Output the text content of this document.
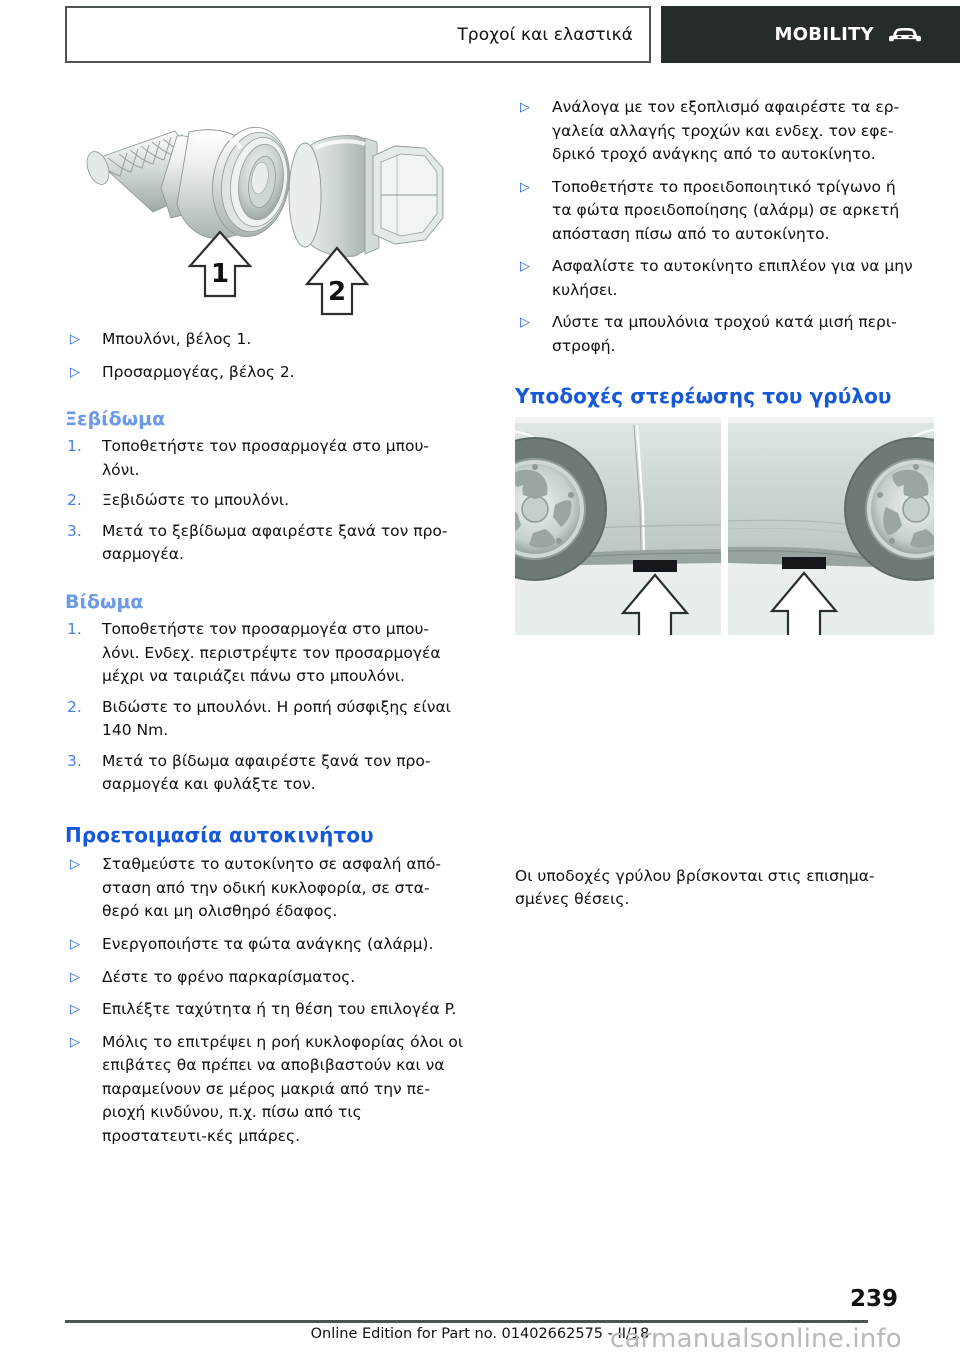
Τροχοί και ελαστικά	MOBILITY
1
2
▷ Μπουλόνι, βέλος 1.
▷ Προσαρμογέας, βέλος 2.
Ξεβίδωμα
1. Τοποθετήστε τον προσαρμογέα στο μπου-λόνι.
2. Ξεβιδώστε το μπουλόνι.
3. Μετά το ξεβίδωμα αφαιρέστε ξανά τον προ-σαρμογέα.
Βίδωμα
1. Τοποθετήστε τον προσαρμογέα στο μπου-λόνι. Ενδεχ. περιστρέψτε τον προσαρμογέα μέχρι να ταιριάζει πάνω στο μπουλόνι.
2. Βιδώστε το μπουλόνι. Η ροπή σύσφιξης είναι 140 Nm.
3. Μετά το βίδωμα αφαιρέστε ξανά τον προ-σαρμογέα και φυλάξτε τον.
Προετοιμασία αυτοκινήτου
▷ Σταθμεύστε το αυτοκίνητο σε ασφαλή από-σταση από την οδική κυκλοφορία, σε στα-θερό και μη ολισθηρό έδαφος.
▷ Ενεργοποιήστε τα φώτα ανάγκης (αλάρμ).
▷ Δέστε το φρένο παρκαρίσματος.
▷ Επιλέξτε ταχύτητα ή τη θέση του επιλογέα P.
▷ Μόλις το επιτρέψει η ροή κυκλοφορίας όλοι οι επιβάτες θα πρέπει να αποβιβαστούν και να παραμείνουν σε μέρος μακριά από την πε-ριοχή κινδύνου, π.χ. πίσω από τις προστατευτι-κές μπάρες.
▷ Ανάλογα με τον εξοπλισμό αφαιρέστε τα ερ-γαλεία αλλαγής τροχών και ενδεχ. τον εφε-δρικό τροχό ανάγκης από το αυτοκίνητο.
▷ Τοποθετήστε το προειδοποιητικό τρίγωνο ή τα φώτα προειδοποίησης (αλάρμ) σε αρκετή απόσταση πίσω από το αυτοκίνητο.
▷ Ασφαλίστε το αυτοκίνητο επιπλέον για να μην κυλήσει.
▷ Λύστε τα μπουλόνια τροχού κατά μισή περι-στροφή.
Υποδοχές στερέωσης του γρύλου

Οι υποδοχές γρύλου βρίσκονται στις επισημα-σμένες θέσεις.

239
Online Edition for Part no. 01402662575 - II/18
carmanualsonline.info
